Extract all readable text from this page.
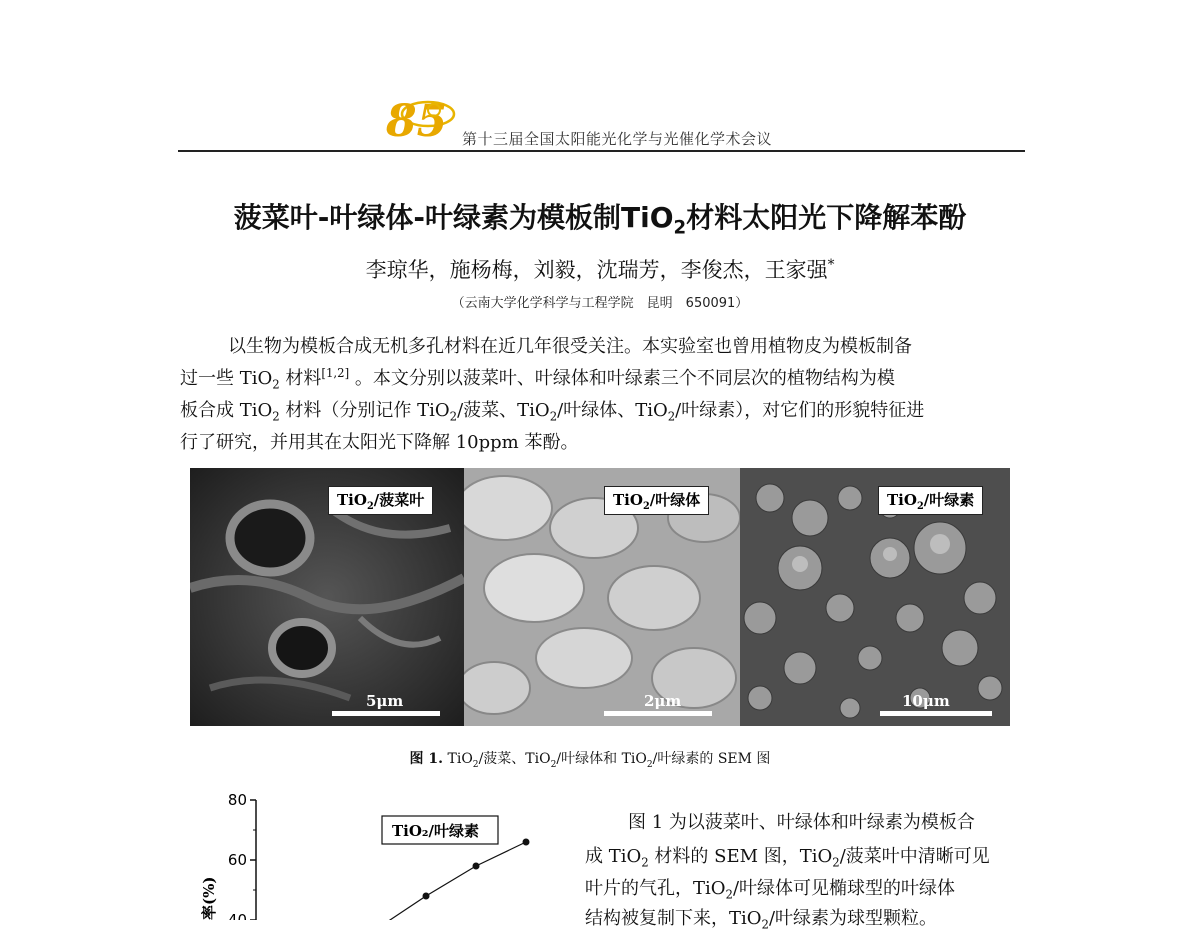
85 第十三届全国太阳能光化学与光催化学术会议
菠菜叶-叶绿体-叶绿素为模板制TiO$_2$材料太阳光下降解苯酚
李琼华，施杨梅，刘毅，沈瑞芳，李俊杰，王家强*
（云南大学化学科学与工程学院　昆明　650091）
以生物为模板合成无机多孔材料在近几年很受关注。本实验室也曾用植物皮为模板制备
过一些 TiO$_2$ 材料[1,2] 。本文分别以菠菜叶、叶绿体和叶绿素三个不同层次的植物结构为模
板合成 TiO$_2$ 材料（分别记作 TiO$_2$/菠菜、TiO$_2$/叶绿体、TiO$_2$/叶绿素），对它们的形貌特征进
行了研究，并用其在太阳光下降解 10ppm 苯酚。
TiO$_2$/菠菜叶
5μm
TiO$_2$/叶绿体
2μm
TiO$_2$/叶绿素
10μm
图 1. TiO$_2$/菠菜、TiO$_2$/叶绿体和 TiO$_2$/叶绿素的 SEM 图
率(%)
80
60
40
TiO₂/叶绿素	图 1 为以菠菜叶、叶绿体和叶绿素为模板合
成 TiO$_2$ 材料的 SEM 图，TiO$_2$/菠菜叶中清晰可见
叶片的气孔，TiO$_2$/叶绿体可见椭球型的叶绿体
结构被复制下来，TiO$_2$/叶绿素为球型颗粒。
